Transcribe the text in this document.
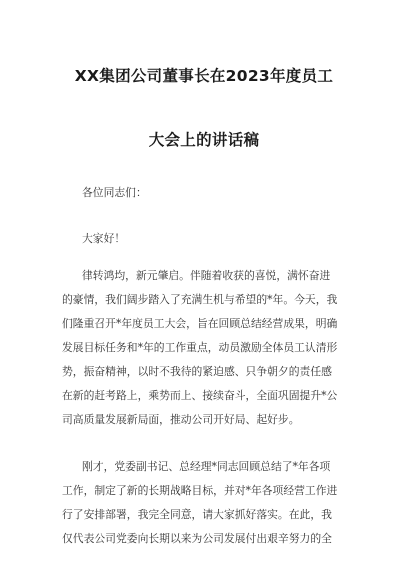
XX集团公司董事长在2023年度员工
大会上的讲话稿
各位同志们：
大家好！
律转鸿均，新元肇启。伴随着收获的喜悦，满怀奋进
的豪情，我们阔步踏入了充满生机与希望的*年。今天，我
们隆重召开*年度员工大会，旨在回顾总结经营成果，明确
发展目标任务和*年的工作重点，动员激励全体员工认清形
势，振奋精神，以时不我待的紧迫感、只争朝夕的责任感
在新的赶考路上，乘势而上、接续奋斗，全面巩固提升*公
司高质量发展新局面，推动公司开好局、起好步。
刚才，党委副书记、总经理*同志回顾总结了*年各项
工作，制定了新的长期战略目标，并对*年各项经营工作进
行了安排部署，我完全同意，请大家抓好落实。在此，我
仅代表公司党委向长期以来为公司发展付出艰辛努力的全
